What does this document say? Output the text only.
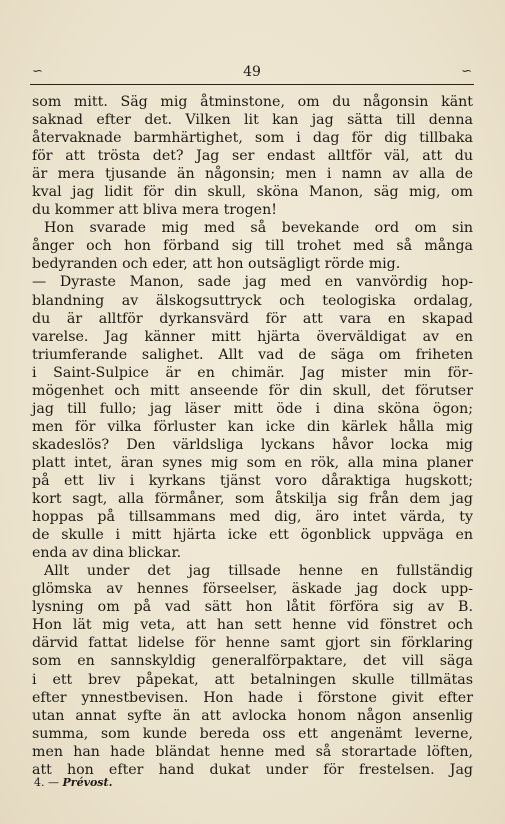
∽	49	∽
som mitt. Säg mig åtminstone, om du någonsin känt
saknad efter det. Vilken lit kan jag sätta till denna
återvaknade barmhärtighet, som i dag för dig tillbaka
för att trösta det? Jag ser endast alltför väl, att du
är mera tjusande än någonsin; men i namn av alla de
kval jag lidit för din skull, sköna Manon, säg mig, om
du kommer att bliva mera trogen!
Hon svarade mig med så bevekande ord om sin
ånger och hon förband sig till trohet med så många
bedyranden och eder, att hon outsägligt rörde mig.
— Dyraste Manon, sade jag med en vanvördig hop-
blandning av älskogsuttryck och teologiska ordalag,
du är alltför dyrkansvärd för att vara en skapad
varelse. Jag känner mitt hjärta överväldigat av en
triumferande salighet. Allt vad de säga om friheten
i Saint-Sulpice är en chimär. Jag mister min för-
mögenhet och mitt anseende för din skull, det förutser
jag till fullo; jag läser mitt öde i dina sköna ögon;
men för vilka förluster kan icke din kärlek hålla mig
skadeslös? Den världsliga lyckans håvor locka mig
platt intet, äran synes mig som en rök, alla mina planer
på ett liv i kyrkans tjänst voro dåraktiga hugskott;
kort sagt, alla förmåner, som åtskilja sig från dem jag
hoppas på tillsammans med dig, äro intet värda, ty
de skulle i mitt hjärta icke ett ögonblick uppväga en
enda av dina blickar.
Allt under det jag tillsade henne en fullständig
glömska av hennes förseelser, äskade jag dock upp-
lysning om på vad sätt hon låtit förföra sig av B.
Hon lät mig veta, att han sett henne vid fönstret och
därvid fattat lidelse för henne samt gjort sin förklaring
som en sannskyldig generalförpaktare, det vill säga
i ett brev påpekat, att betalningen skulle tillmätas
efter ynnestbevisen. Hon hade i förstone givit efter
utan annat syfte än att avlocka honom någon ansenlig
summa, som kunde bereda oss ett angenämt leverne,
men han hade bländat henne med så storartade löften,
att hon efter hand dukat under för frestelsen. Jag
4. — Prévost.
